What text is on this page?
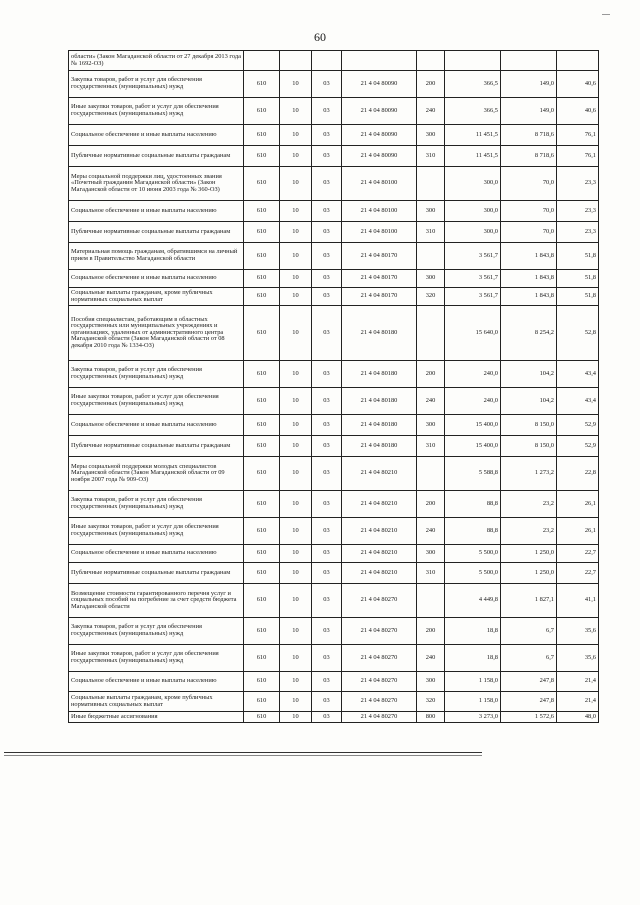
60
области» (Закон Магаданской области от 27 декабря 2013 года № 1692-ОЗ)								
Закупка товаров, работ и услуг для обеспечения государственных (муниципальных) нужд	610	10	03	21 4 04 80090	200	366,5	149,0	40,6
Иные закупки товаров, работ и услуг для обеспечения государственных (муниципальных) нужд	610	10	03	21 4 04 80090	240	366,5	149,0	40,6
Социальное обеспечение и иные выплаты населению	610	10	03	21 4 04 80090	300	11 451,5	8 718,6	76,1
Публичные нормативные социальные выплаты гражданам	610	10	03	21 4 04 80090	310	11 451,5	8 718,6	76,1
Меры социальной поддержки лиц, удостоенных звания «Почетный гражданин Магаданской области» (Закон Магаданской области от 10 июня 2003 года № 360-ОЗ)	610	10	03	21 4 04 80100		300,0	70,0	23,3
Социальное обеспечение и иные выплаты населению	610	10	03	21 4 04 80100	300	300,0	70,0	23,3
Публичные нормативные социальные выплаты гражданам	610	10	03	21 4 04 80100	310	300,0	70,0	23,3
Материальная помощь гражданам, обратившимся на личный прием в Правительство Магаданской области	610	10	03	21 4 04 80170		3 561,7	1 843,8	51,8
Социальное обеспечение и иные выплаты населению	610	10	03	21 4 04 80170	300	3 561,7	1 843,8	51,8
Социальные выплаты гражданам, кроме публичных нормативных социальных выплат	610	10	03	21 4 04 80170	320	3 561,7	1 843,8	51,8
Пособия специалистам, работающим в областных государственных или муниципальных учреждениях и организациях, удаленных от административного центра Магаданской области (Закон Магаданской области от 08 декабря 2010 года № 1334-ОЗ)	610	10	03	21 4 04 80180		15 640,0	8 254,2	52,8
Закупка товаров, работ и услуг для обеспечения государственных (муниципальных) нужд	610	10	03	21 4 04 80180	200	240,0	104,2	43,4
Иные закупки товаров, работ и услуг для обеспечения государственных (муниципальных) нужд	610	10	03	21 4 04 80180	240	240,0	104,2	43,4
Социальное обеспечение и иные выплаты населению	610	10	03	21 4 04 80180	300	15 400,0	8 150,0	52,9
Публичные нормативные социальные выплаты гражданам	610	10	03	21 4 04 80180	310	15 400,0	8 150,0	52,9
Меры социальной поддержки молодых специалистов Магаданской области (Закон Магаданской области от 09 ноября 2007 года № 909-ОЗ)	610	10	03	21 4 04 80210		5 588,8	1 273,2	22,8
Закупка товаров, работ и услуг для обеспечения государственных (муниципальных) нужд	610	10	03	21 4 04 80210	200	88,8	23,2	26,1
Иные закупки товаров, работ и услуг для обеспечения государственных (муниципальных) нужд	610	10	03	21 4 04 80210	240	88,8	23,2	26,1
Социальное обеспечение и иные выплаты населению	610	10	03	21 4 04 80210	300	5 500,0	1 250,0	22,7
Публичные нормативные социальные выплаты гражданам	610	10	03	21 4 04 80210	310	5 500,0	1 250,0	22,7
Возмещение стоимости гарантированного перечня услуг и социальных пособий на погребение за счет средств бюджета Магаданской области	610	10	03	21 4 04 80270		4 449,8	1 827,1	41,1
Закупка товаров, работ и услуг для обеспечения государственных (муниципальных) нужд	610	10	03	21 4 04 80270	200	18,8	6,7	35,6
Иные закупки товаров, работ и услуг для обеспечения государственных (муниципальных) нужд	610	10	03	21 4 04 80270	240	18,8	6,7	35,6
Социальное обеспечение и иные выплаты населению	610	10	03	21 4 04 80270	300	1 158,0	247,8	21,4
Социальные выплаты гражданам, кроме публичных нормативных социальных выплат	610	10	03	21 4 04 80270	320	1 158,0	247,8	21,4
Иные бюджетные ассигнования	610	10	03	21 4 04 80270	800	3 273,0	1 572,6	48,0
